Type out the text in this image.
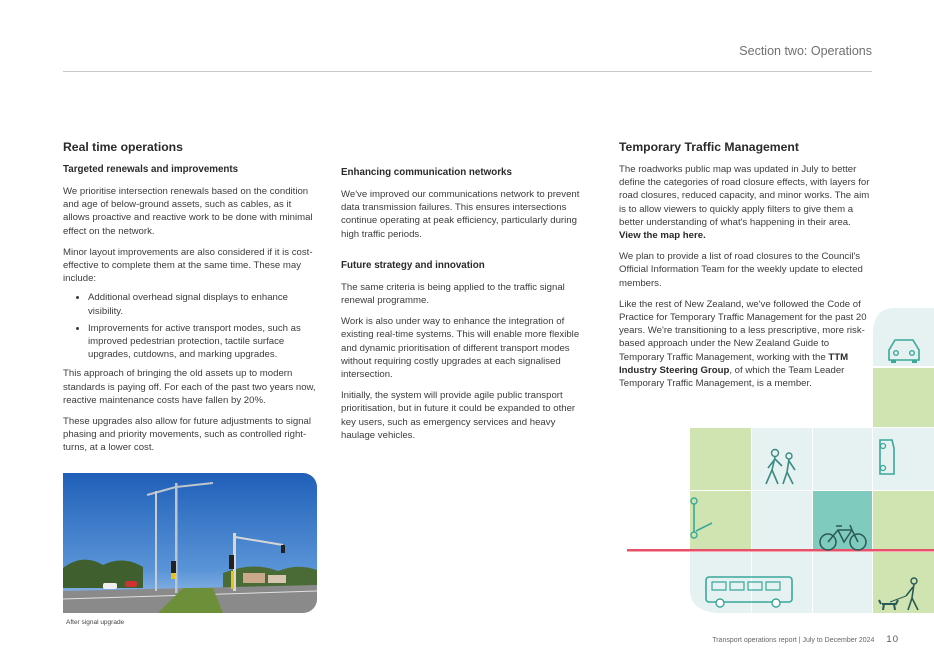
Section two: Operations
Real time operations
Targeted renewals and improvements

We prioritise intersection renewals based on the condition and age of below-ground assets, such as cables, as it allows proactive and reactive work to be done with minimal effect on the network.

Minor layout improvements are also considered if it is cost-effective to complete them at the same time. These may include:

• Additional overhead signal displays to enhance visibility.
• Improvements for active transport modes, such as improved pedestrian protection, tactile surface upgrades, cutdowns, and marking upgrades.

This approach of bringing the old assets up to modern standards is paying off. For each of the past two years now, reactive maintenance costs have fallen by 20%.

These upgrades also allow for future adjustments to signal phasing and priority movements, such as controlled right-turns, at a lower cost.

After signal upgrade
Enhancing communication networks

We've improved our communications network to prevent data transmission failures. This ensures intersections continue operating at peak efficiency, particularly during high traffic periods.

Future strategy and innovation

The same criteria is being applied to the traffic signal renewal programme.

Work is also under way to enhance the integration of existing real-time systems. This will enable more flexible and dynamic prioritisation of different transport modes without requiring costly upgrades at each signalised intersection.

Initially, the system will provide agile public transport prioritisation, but in future it could be expanded to other key users, such as emergency services and heavy haulage vehicles.

Temporary Traffic Management

The roadworks public map was updated in July to better define the categories of road closure effects, with layers for road closures, reduced capacity, and minor works. The aim is to allow viewers to quickly apply filters to give them a better understanding of what's happening in their area. View the map here.

We plan to provide a list of road closures to the Council's Official Information Team for the weekly update to elected members.

Like the rest of New Zealand, we've followed the Code of Practice for Temporary Traffic Management for the past 20 years. We're transitioning to a less prescriptive, more risk-based approach under the New Zealand Guide to Temporary Traffic Management, working with the TTM Industry Steering Group, of which the Team Leader Temporary Traffic Management, is a member.

Transport operations report | July to December 2024 10
